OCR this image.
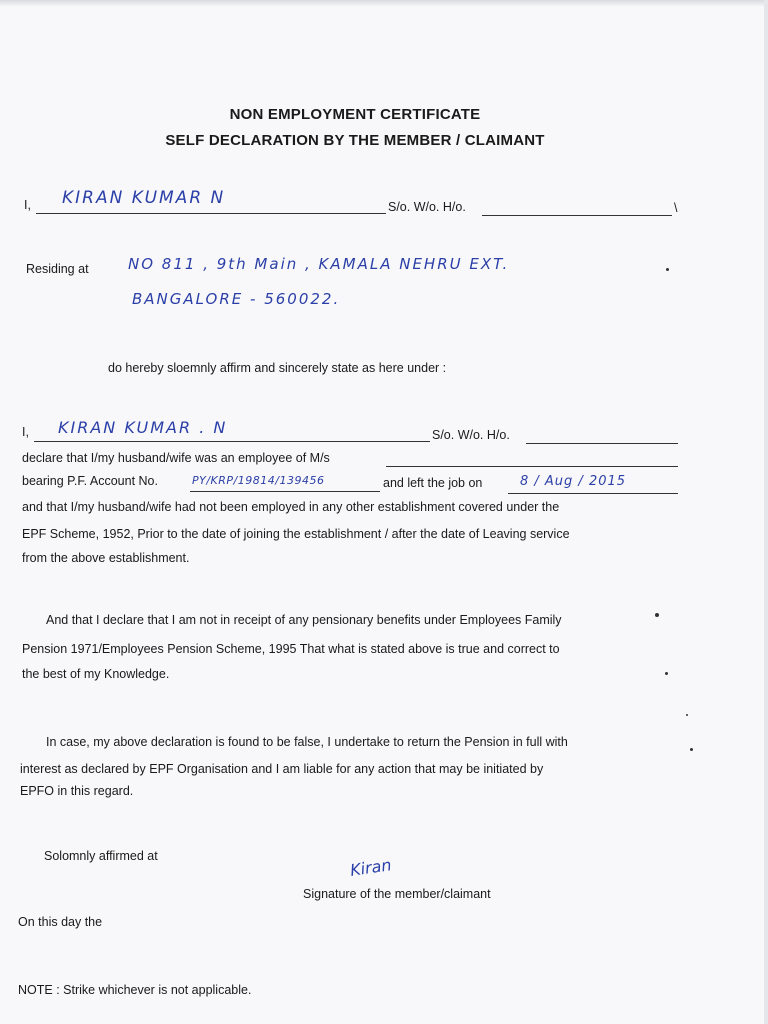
NON EMPLOYMENT CERTIFICATE
SELF DECLARATION BY THE MEMBER / CLAIMANT
I, KIRAN KUMAR N	S/o. W/o. H/o.	\
Residing at	NO 811 , 9th Main , KAMALA NEHRU EXT.
BANGALORE - 560022.
do hereby sloemnly affirm and sincerely state as here under :
I, KIRAN KUMAR . N	S/o. W/o. H/o.
declare that I/my husband/wife was an employee of M/s
bearing P.F. Account No.	PY/KRP/19814/139456	and left the job on	8 / Aug / 2015
and that I/my husband/wife had not been employed in any other establishment covered under the
EPF Scheme, 1952, Prior to the date of joining the establishment / after the date of Leaving service
from the above establishment.
And that I declare that I am not in receipt of any pensionary benefits under Employees Family
Pension 1971/Employees Pension Scheme, 1995 That what is stated above is true and correct to
the best of my Knowledge.
In case, my above declaration is found to be false, I undertake to return the Pension in full with
interest as declared by EPF Organisation and I am liable for any action that may be initiated by
EPFO in this regard.
Solomnly affirmed at	Kiran
Signature of the member/claimant
On this day the
NOTE : Strike whichever is not applicable.
